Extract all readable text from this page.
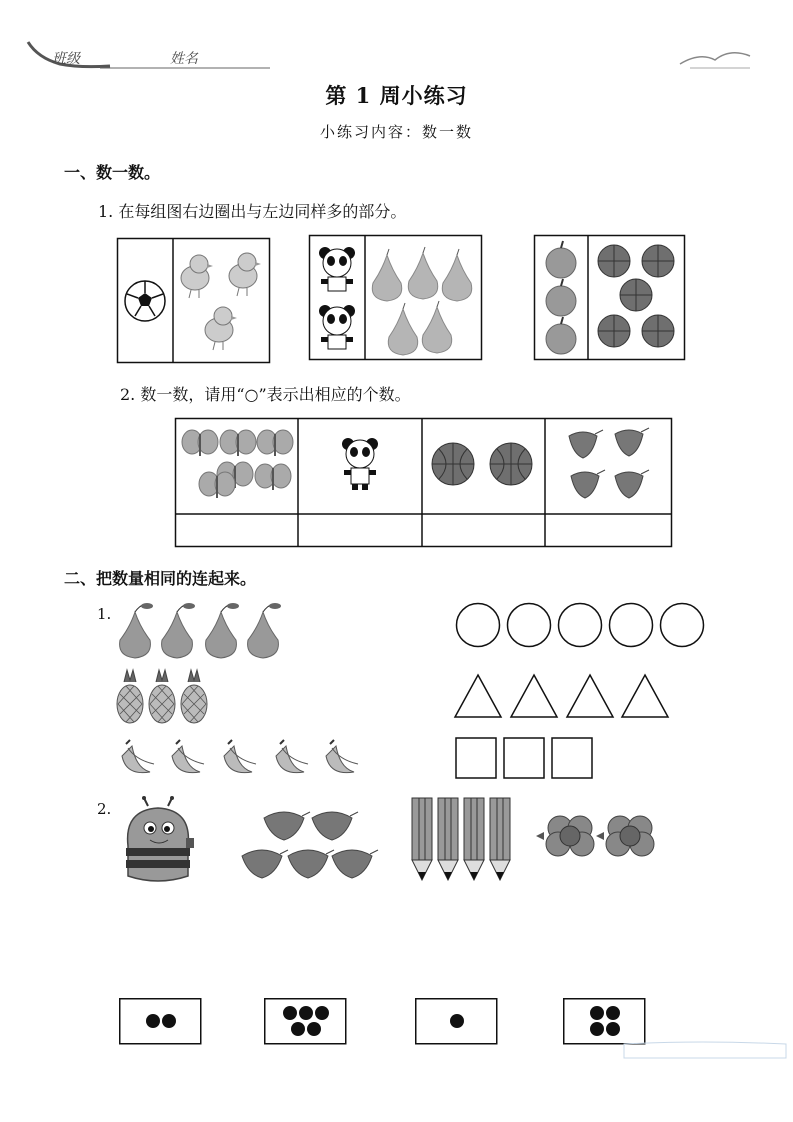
班级	姓名
第 1 周小练习
小练习内容：数一数
一、数一数。
1. 在每组图右边圈出与左边同样多的部分。
2. 数一数，请用“○”表示出相应的个数。
二、把数量相同的连起来。
1.
2.
